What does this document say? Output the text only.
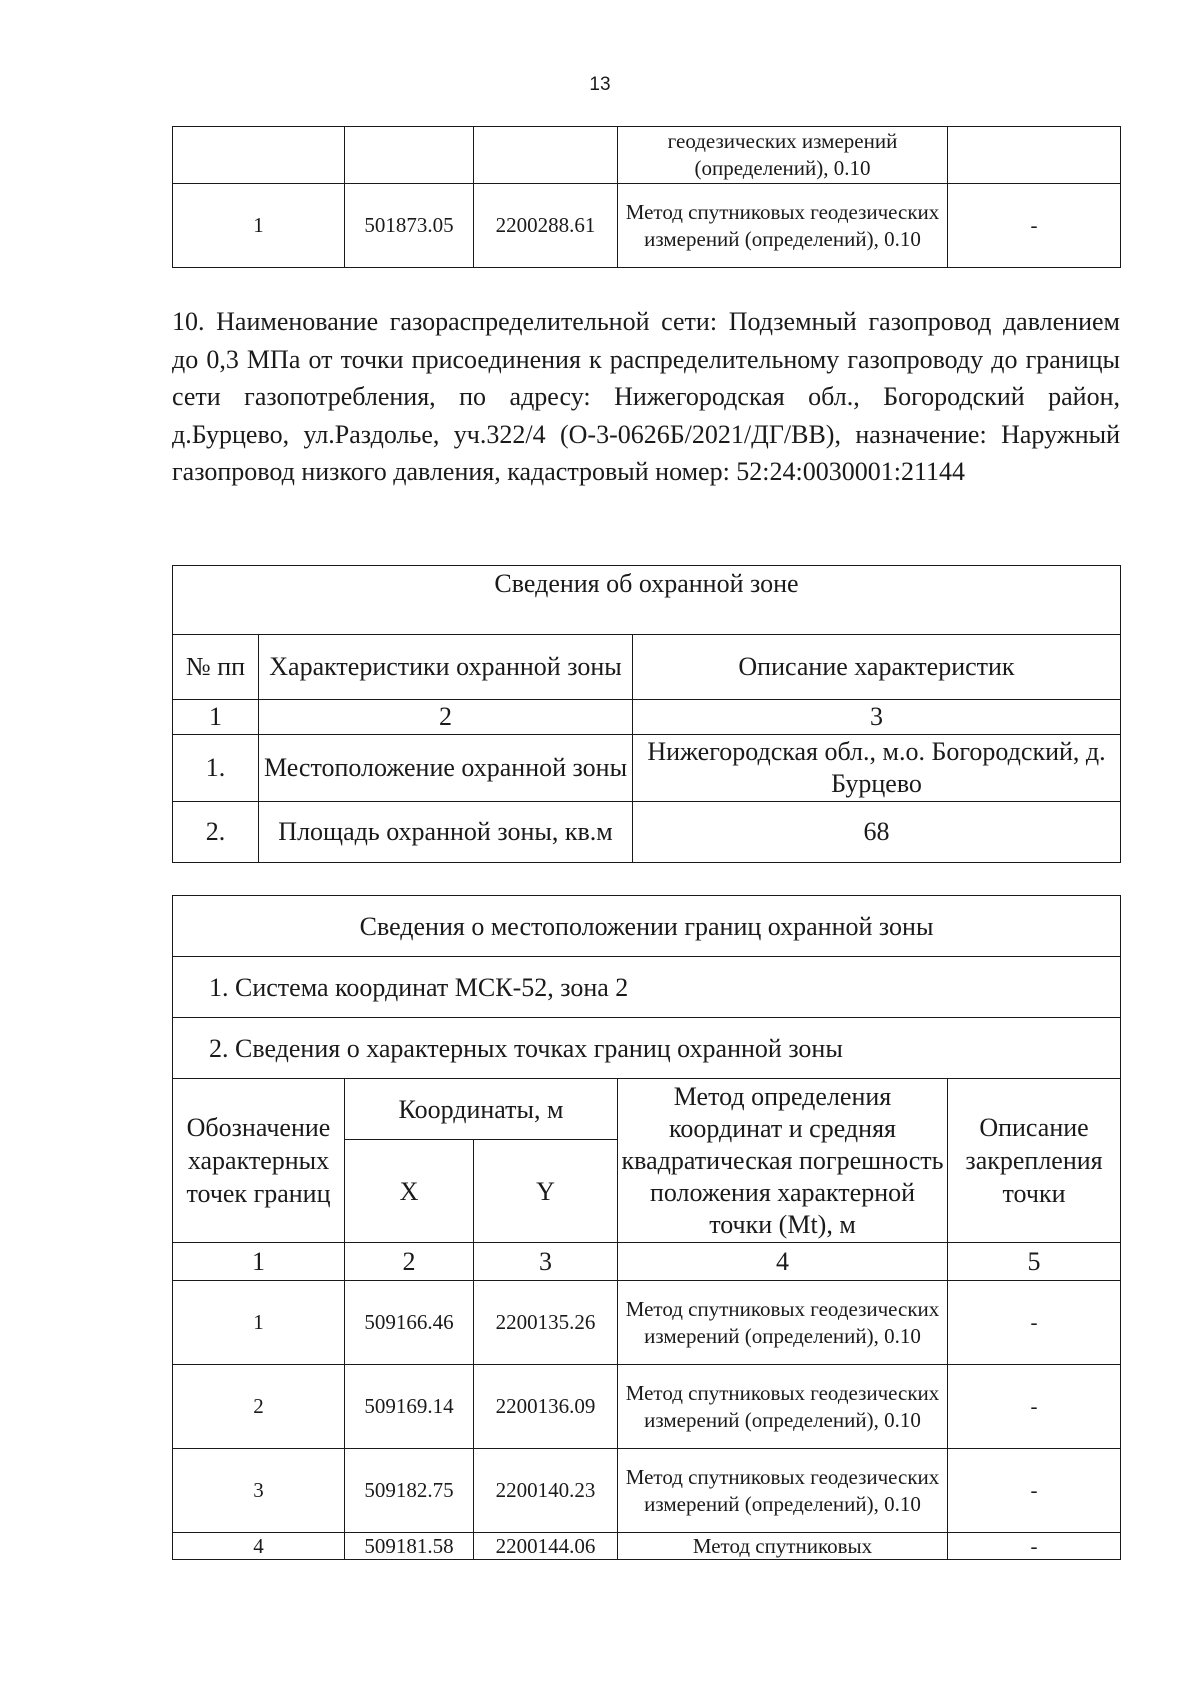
13
			геодезических измерений (определений), 0.10	
1	501873.05	2200288.61	Метод спутниковых геодезических измерений (определений), 0.10	-

10. Наименование газораспределительной сети: Подземный газопровод давлением до 0,3 МПа от точки присоединения к распределительному газопроводу до границы сети газопотребления, по адресу: Нижегородская обл., Богородский район, д.Бурцево, ул.Раздолье, уч.322/4 (О-3-0626Б/2021/ДГ/ВВ), назначение: Наружный газопровод низкого давления, кадастровый номер: 52:24:0030001:21144

Сведения об охранной зоне		
№ пп	Характеристики охранной зоны	Описание характеристик
1	2	3
1.	Местоположение охранной зоны	Нижегородская обл., м.о. Богородский, д. Бурцево
2.	Площадь охранной зоны, кв.м	68
Сведения о местоположении границ охранной зоны				
1. Система координат МСК-52, зона 2				
2. Сведения о характерных точках границ охранной зоны				
Обозначение характерных точек границ	Координаты, м		Метод определения координат и средняя квадратическая погрешность положения характерной точки (Mt), м	Описание закрепления точки
	X	Y		
1	2	3	4	5
1	509166.46	2200135.26	Метод спутниковых геодезических измерений (определений), 0.10	-
2	509169.14	2200136.09	Метод спутниковых геодезических измерений (определений), 0.10	-
3	509182.75	2200140.23	Метод спутниковых геодезических измерений (определений), 0.10	-
4	509181.58	2200144.06	Метод спутниковых	-
